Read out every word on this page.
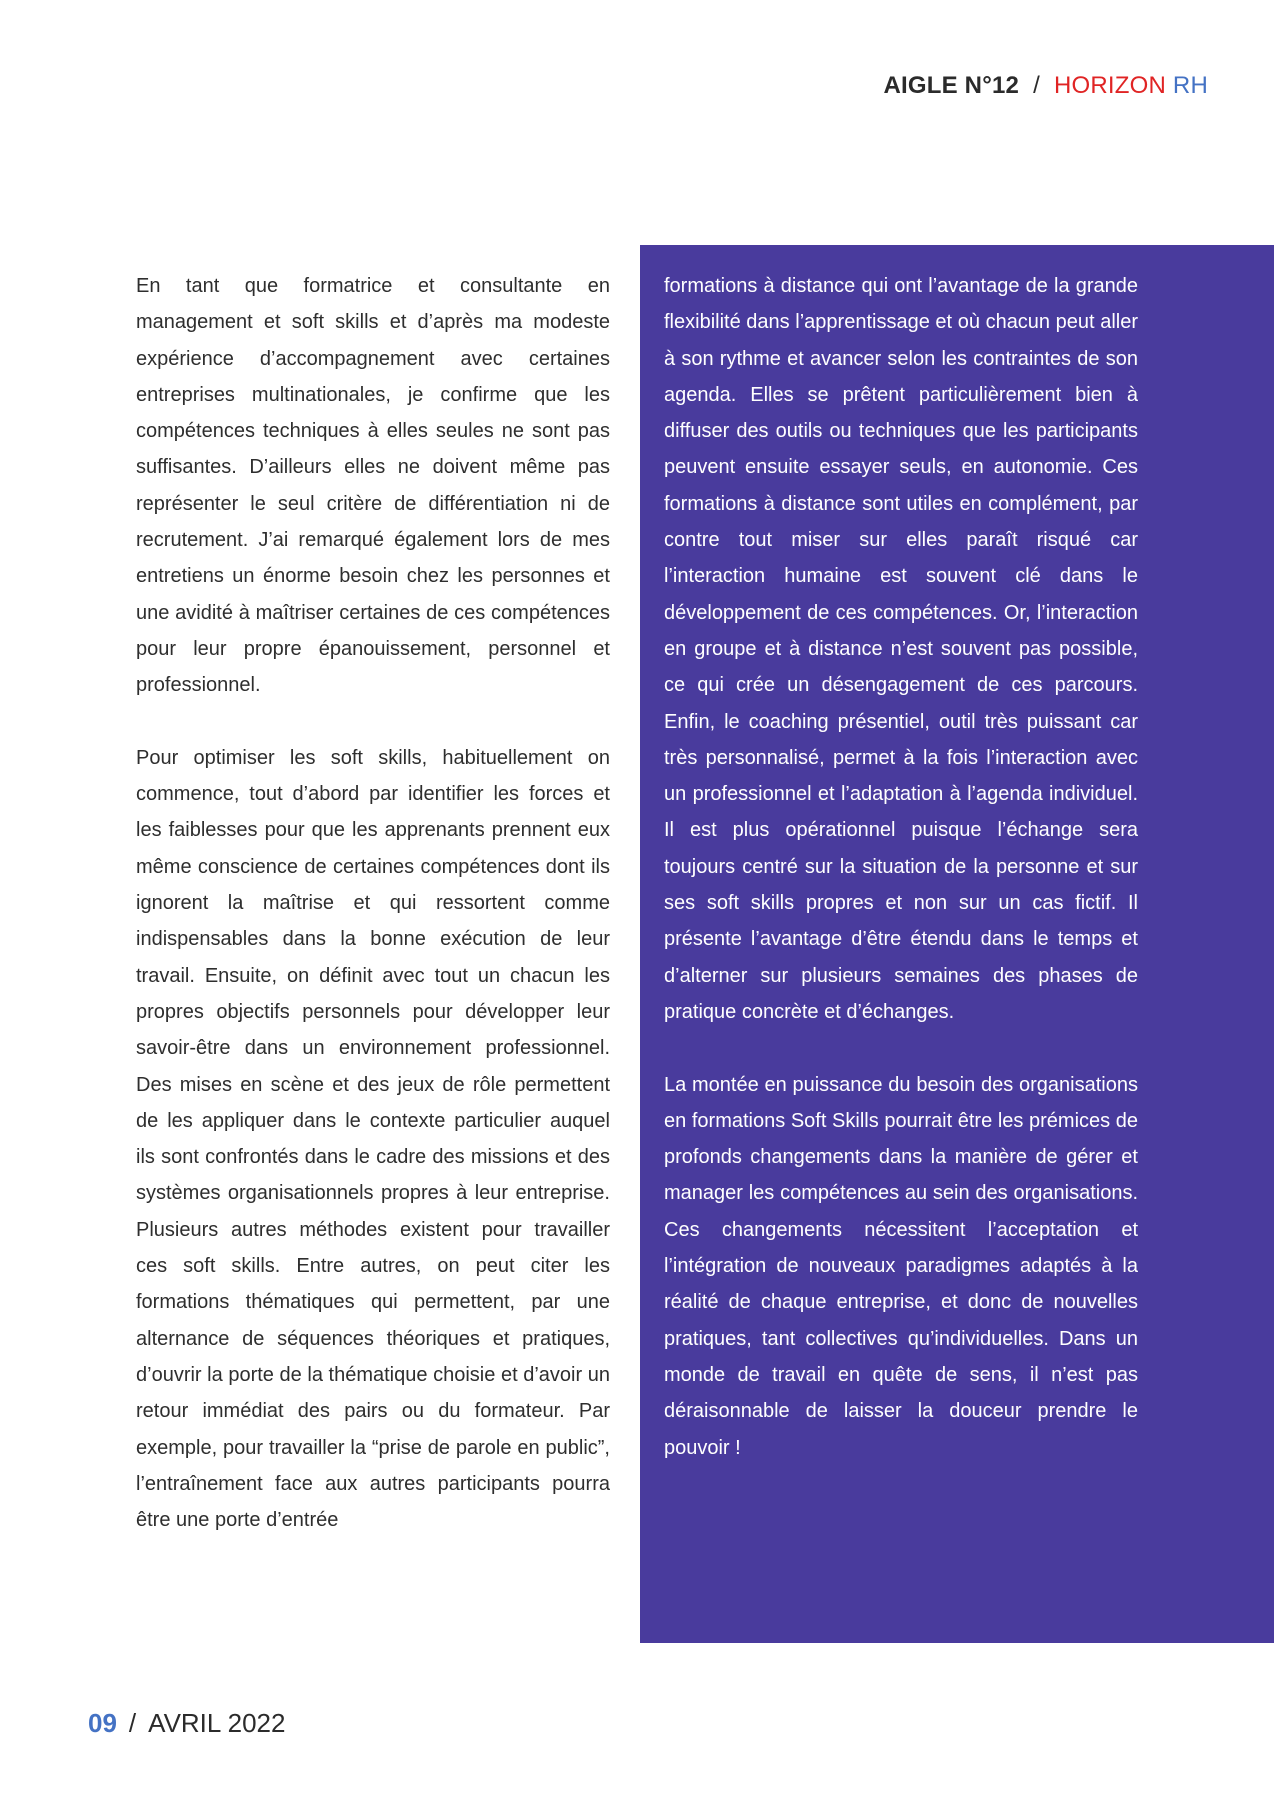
AIGLE N°12 / HORIZON RH

En tant que formatrice et consultante en management et soft skills et d’après ma modeste expérience d’accompagnement avec certaines entreprises multinationales, je confirme que les compétences techniques à elles seules ne sont pas suffisantes. D’ailleurs elles ne doivent même pas représenter le seul critère de différentiation ni de recrutement. J’ai remarqué également lors de mes entretiens un énorme besoin chez les personnes et une avidité à maîtriser certaines de ces compétences pour leur propre épanouissement, personnel et professionnel.

Pour optimiser les soft skills, habituellement on commence, tout d’abord par identifier les forces et les faiblesses pour que les apprenants prennent eux même conscience de certaines compétences dont ils ignorent la maîtrise et qui ressortent comme indispensables dans la bonne exécution de leur travail. Ensuite, on définit avec tout un chacun les propres objectifs personnels pour développer leur savoir-être dans un environnement professionnel. Des mises en scène et des jeux de rôle permettent de les appliquer dans le contexte particulier auquel ils sont confrontés dans le cadre des missions et des systèmes organisationnels propres à leur entreprise. Plusieurs autres méthodes existent pour travailler ces soft skills. Entre autres, on peut citer les formations thématiques qui permettent, par une alternance de séquences théoriques et pratiques, d’ouvrir la porte de la thématique choisie et d’avoir un retour immédiat des pairs ou du formateur. Par exemple, pour travailler la “prise de parole en public”, l’entraînement face aux autres participants pourra être une porte d’entrée

formations à distance qui ont l’avantage de la grande flexibilité dans l’apprentissage et où chacun peut aller à son rythme et avancer selon les contraintes de son agenda. Elles se prêtent particulièrement bien à diffuser des outils ou techniques que les participants peuvent ensuite essayer seuls, en autonomie. Ces formations à distance sont utiles en complément, par contre tout miser sur elles paraît risqué car l’interaction humaine est souvent clé dans le développement de ces compétences. Or, l’interaction en groupe et à distance n’est souvent pas possible, ce qui crée un désengagement de ces parcours. Enfin, le coaching présentiel, outil très puissant car très personnalisé, permet à la fois l’interaction avec un professionnel et l’adaptation à l’agenda individuel. Il est plus opérationnel puisque l’échange sera toujours centré sur la situation de la personne et sur ses soft skills propres et non sur un cas fictif. Il présente l’avantage d’être étendu dans le temps et d’alterner sur plusieurs semaines des phases de pratique concrète et d’échanges.

La montée en puissance du besoin des organisations en formations Soft Skills pourrait être les prémices de profonds changements dans la manière de gérer et manager les compétences au sein des organisations. Ces changements nécessitent l’acceptation et l’intégration de nouveaux paradigmes adaptés à la réalité de chaque entreprise, et donc de nouvelles pratiques, tant collectives qu’individuelles. Dans un monde de travail en quête de sens, il n’est pas déraisonnable de laisser la douceur prendre le pouvoir !

09 / AVRIL 2022
